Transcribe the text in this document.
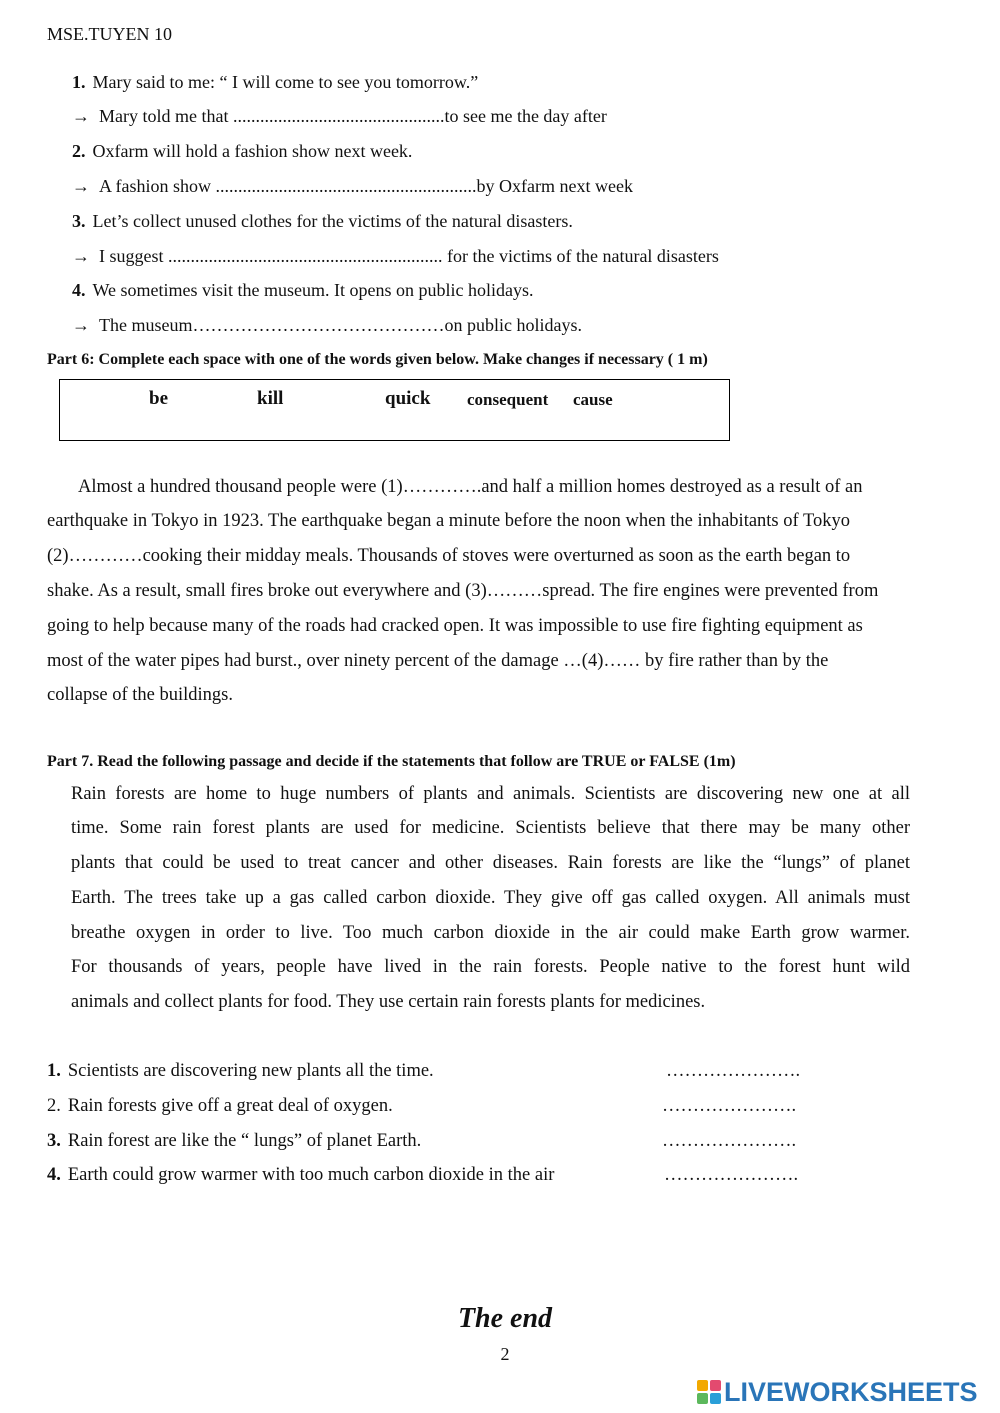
MSE.TUYEN 10
1. Mary said to me: “ I will come to see you tomorrow.”
→ Mary told me that ...............................................to see me the day after
2. Oxfarm will hold a fashion show next week.
→ A fashion show ..........................................................by Oxfarm next week
3. Let’s collect unused clothes for the victims of the natural disasters.
→ I suggest ............................................................. for the victims of the natural disasters
4. We sometimes visit the museum. It opens on public holidays.
→ The museum……………………………………on public holidays.
Part 6: Complete each space with one of the words given below. Make changes if necessary ( 1 m)
be	kill	quick consequent cause
Almost a hundred thousand people were (1)………….and half a million homes destroyed as a result of an
earthquake in Tokyo in 1923. The earthquake began a minute before the noon when the inhabitants of Tokyo
(2)…………cooking their midday meals. Thousands of stoves were overturned as soon as the earth began to
shake. As a result, small fires broke out everywhere and (3)………spread. The fire engines were prevented from
going to help because many of the roads had cracked open. It was impossible to use fire fighting equipment as
most of the water pipes had burst., over ninety percent of the damage …(4)…… by fire rather than by the
collapse of the buildings.
Part 7. Read the following passage and decide if the statements that follow are TRUE or FALSE (1m)
Rain forests are home to huge numbers of plants and animals. Scientists are discovering new one at all
time. Some rain forest plants are used for medicine. Scientists believe that there may be many other
plants that could be used to treat cancer and other diseases. Rain forests are like the “lungs” of planet
Earth. The trees take up a gas called carbon dioxide. They give off gas called oxygen. All animals must
breathe oxygen in order to live. Too much carbon dioxide in the air could make Earth grow warmer.
For thousands of years, people have lived in the rain forests. People native to the forest hunt wild
animals and collect plants for food. They use certain rain forests plants for medicines.
1. Scientists are discovering new plants all the time.	………………….
2. Rain forests give off a great deal of oxygen.	………………….
3. Rain forest are like the “ lungs” of planet Earth.	………………….
4. Earth could grow warmer with too much carbon dioxide in the air	………………….
The end
2
LIVEWORKSHEETS
